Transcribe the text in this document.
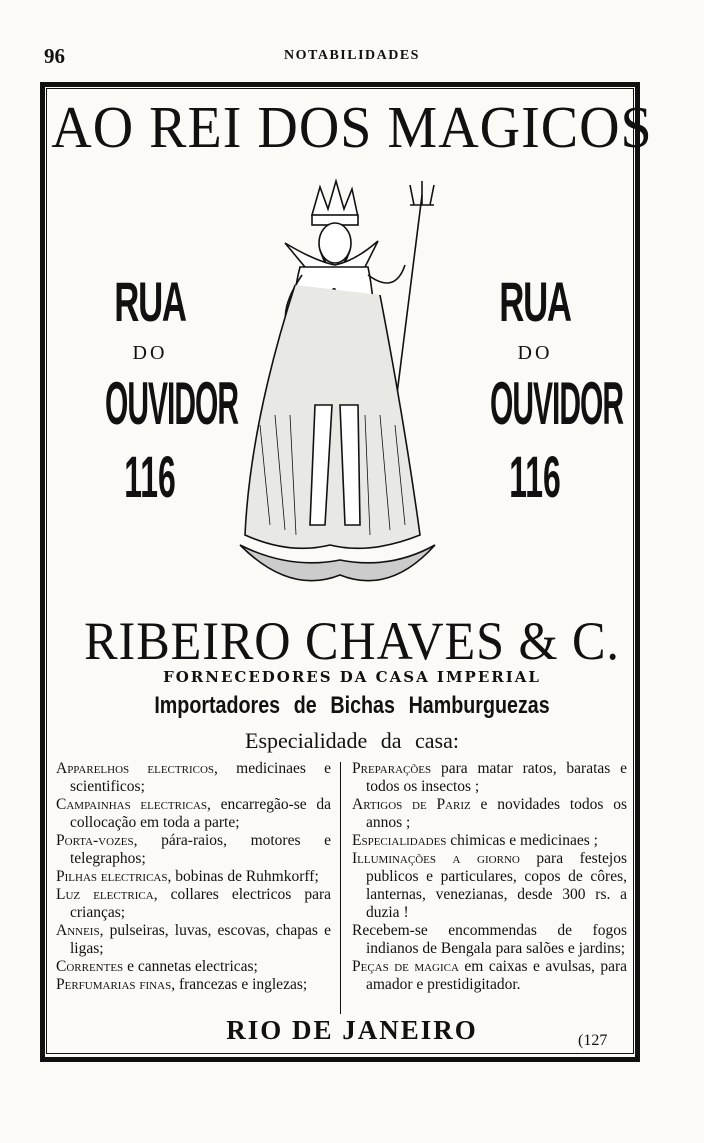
96	NOTABILIDADES
AO REI DOS MAGICOS
RUA
DO
OUVIDOR
116
RUA
DO
OUVIDOR
116
RIBEIRO CHAVES & C.
FORNECEDORES DA CASA IMPERIAL
Importadores de Bichas Hamburguezas
Especialidade da casa:
Apparelhos electricos, medicinaes e scientificos;
Campainhas electricas, encarregão-se da collocação em toda a parte;
Porta-vozes, pára-raios, motores e telegraphos;
Pilhas electricas, bobinas de Ruhmkorff;
Luz electrica, collares electricos para crianças;
Anneis, pulseiras, luvas, escovas, chapas e ligas;
Correntes e cannetas electricas;
Perfumarias finas, francezas e inglezas;
Preparações para matar ratos, baratas e todos os insectos ;
Artigos de Pariz e novidades todos os annos ;
Especialidades chimicas e medicinaes ;
Illuminações a giorno para festejos publicos e particulares, copos de côres, lanternas, venezianas, desde 300 rs. a duzia !
Recebem-se encommendas de fogos indianos de Bengala para salões e jardins;
Peças de magica em caixas e avulsas, para amador e prestidigitador.
RIO DE JANEIRO	(127
